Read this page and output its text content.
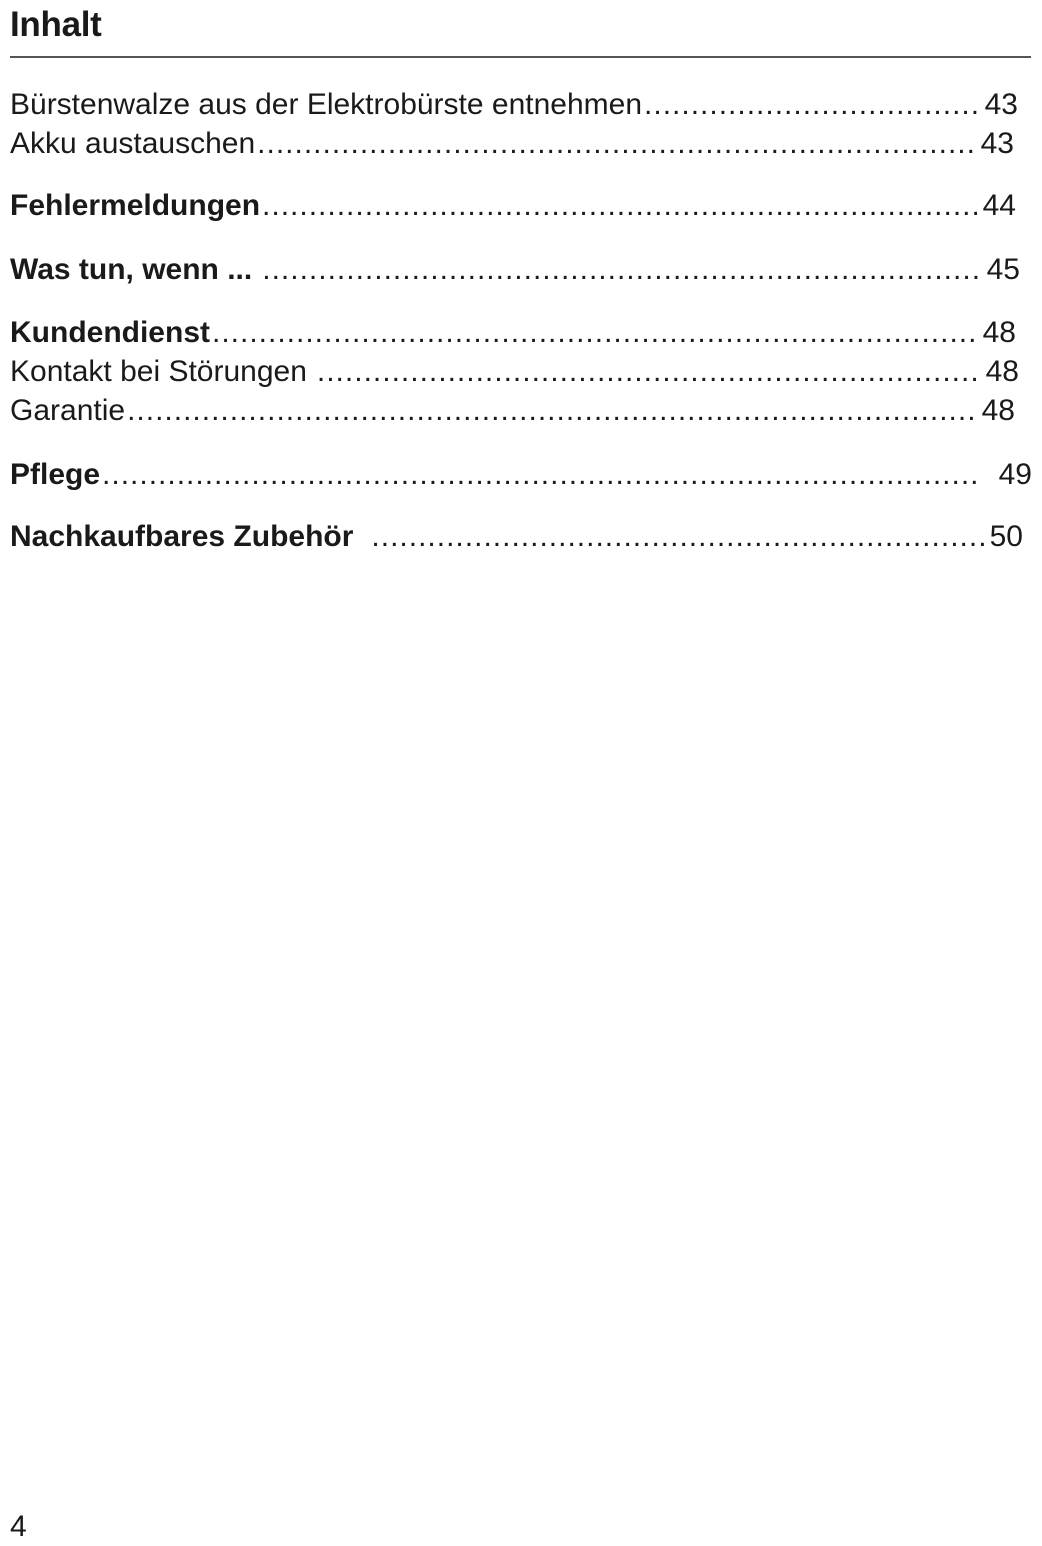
Inhalt
Bürstenwalze aus der Elektrobürste entnehmen .....	43
Akku austauschen .....	43
Fehlermeldungen .....	44
Was tun, wenn ... .....	45
Kundendienst .....	48
Kontakt bei Störungen .....	48
Garantie .....	48
Pflege .....	49
Nachkaufbares Zubehör .....	50
4
